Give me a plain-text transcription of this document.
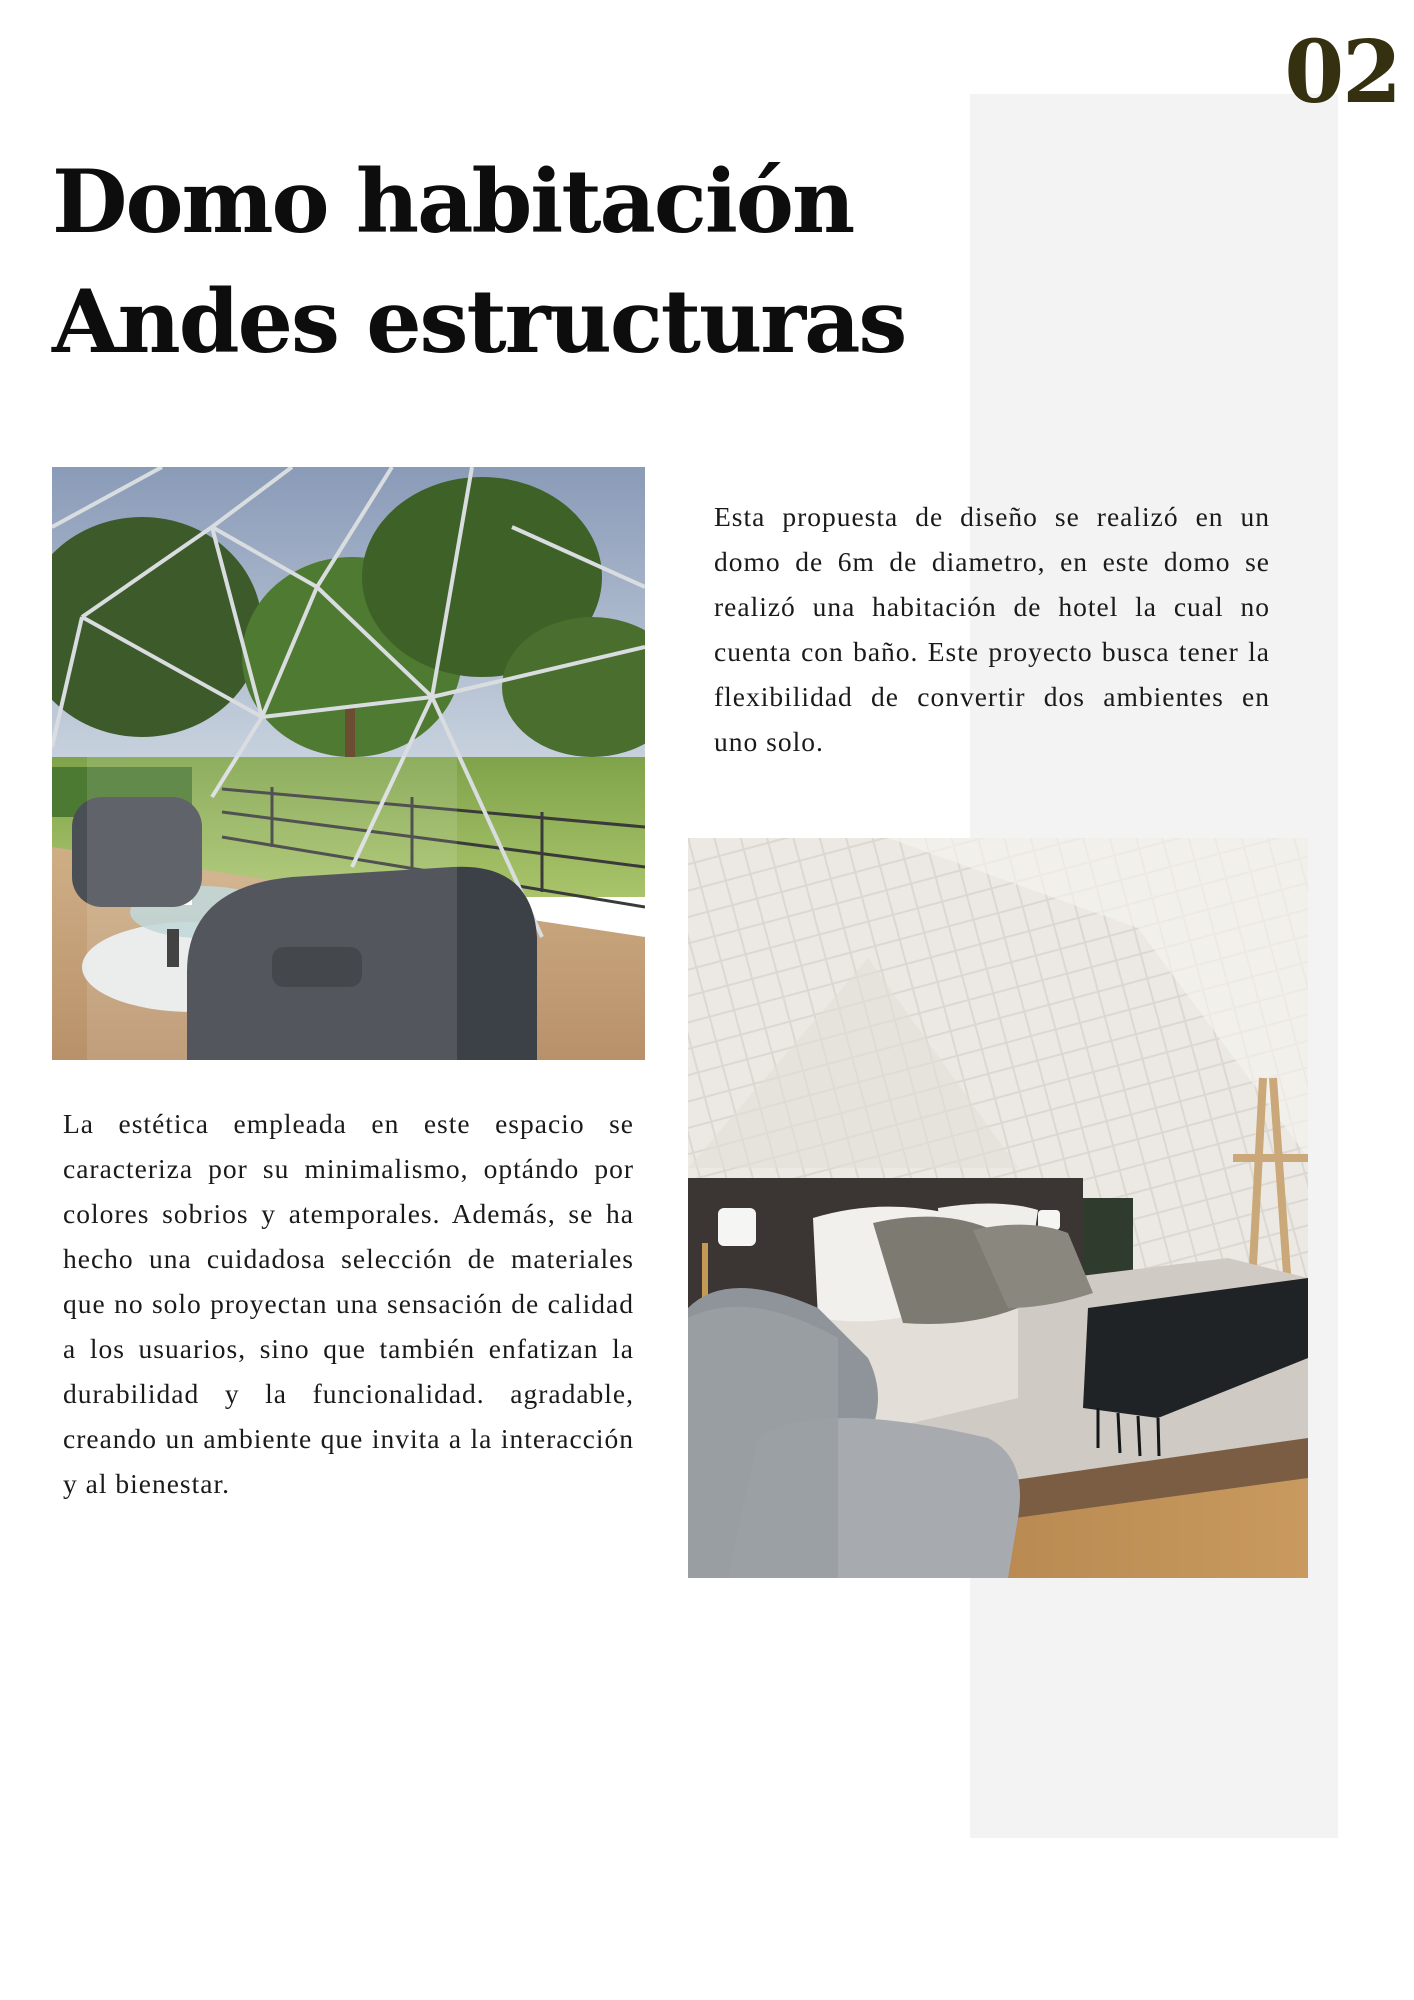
02
Domo habitación
Andes estructuras

Esta propuesta de diseño se realizó en un domo de 6m de diametro, en este domo se realizó una habitación de hotel la cual no cuenta con baño. Este proyecto busca tener la flexibilidad de convertir dos ambientes en uno solo.

La estética empleada en este espacio se caracteriza por su minimalismo, optándo por colores sobrios y atemporales. Además, se ha hecho una cuidadosa selección de materiales que no solo proyectan una sensación de calidad a los usuarios, sino que también enfatizan la durabilidad y la funcionalidad. agradable, creando un ambiente que invita a la interacción y al bienestar.
